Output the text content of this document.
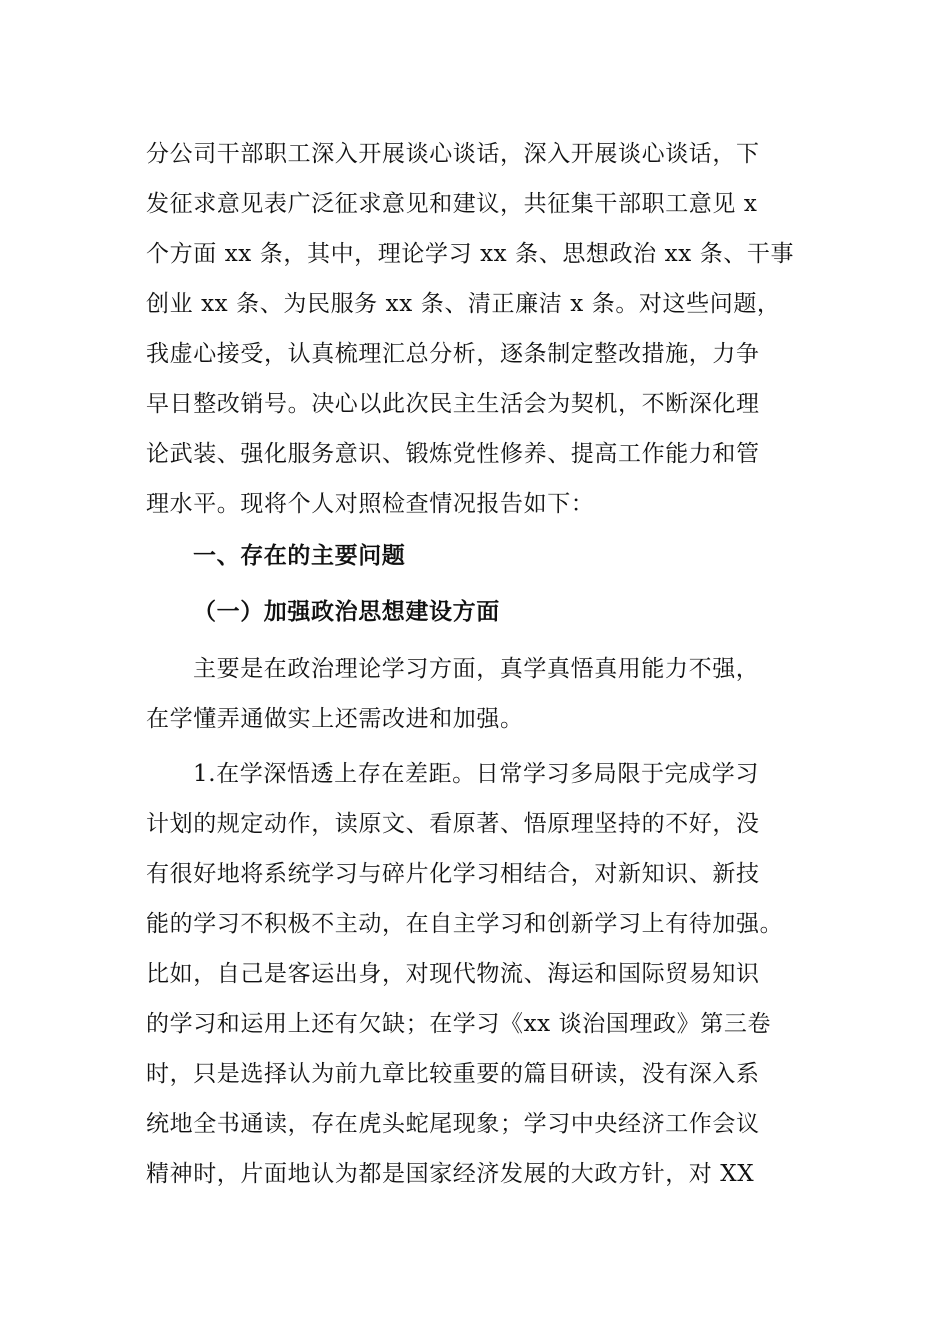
分公司干部职工深入开展谈心谈话，深入开展谈心谈话，下
发征求意见表广泛征求意见和建议，共征集干部职工意见 x
个方面 xx 条，其中，理论学习 xx 条、思想政治 xx 条、干事
创业 xx 条、为民服务 xx 条、清正廉洁 x 条。对这些问题，
我虚心接受，认真梳理汇总分析，逐条制定整改措施，力争
早日整改销号。决心以此次民主生活会为契机，不断深化理
论武装、强化服务意识、锻炼党性修养、提高工作能力和管
理水平。现将个人对照检查情况报告如下：
一、存在的主要问题
（一）加强政治思想建设方面
主要是在政治理论学习方面，真学真悟真用能力不强，
在学懂弄通做实上还需改进和加强。
1.在学深悟透上存在差距。日常学习多局限于完成学习
计划的规定动作，读原文、看原著、悟原理坚持的不好，没
有很好地将系统学习与碎片化学习相结合，对新知识、新技
能的学习不积极不主动，在自主学习和创新学习上有待加强。
比如，自己是客运出身，对现代物流、海运和国际贸易知识
的学习和运用上还有欠缺；在学习《xx 谈治国理政》第三卷
时，只是选择认为前九章比较重要的篇目研读，没有深入系
统地全书通读，存在虎头蛇尾现象；学习中央经济工作会议
精神时，片面地认为都是国家经济发展的大政方针，对 XX
